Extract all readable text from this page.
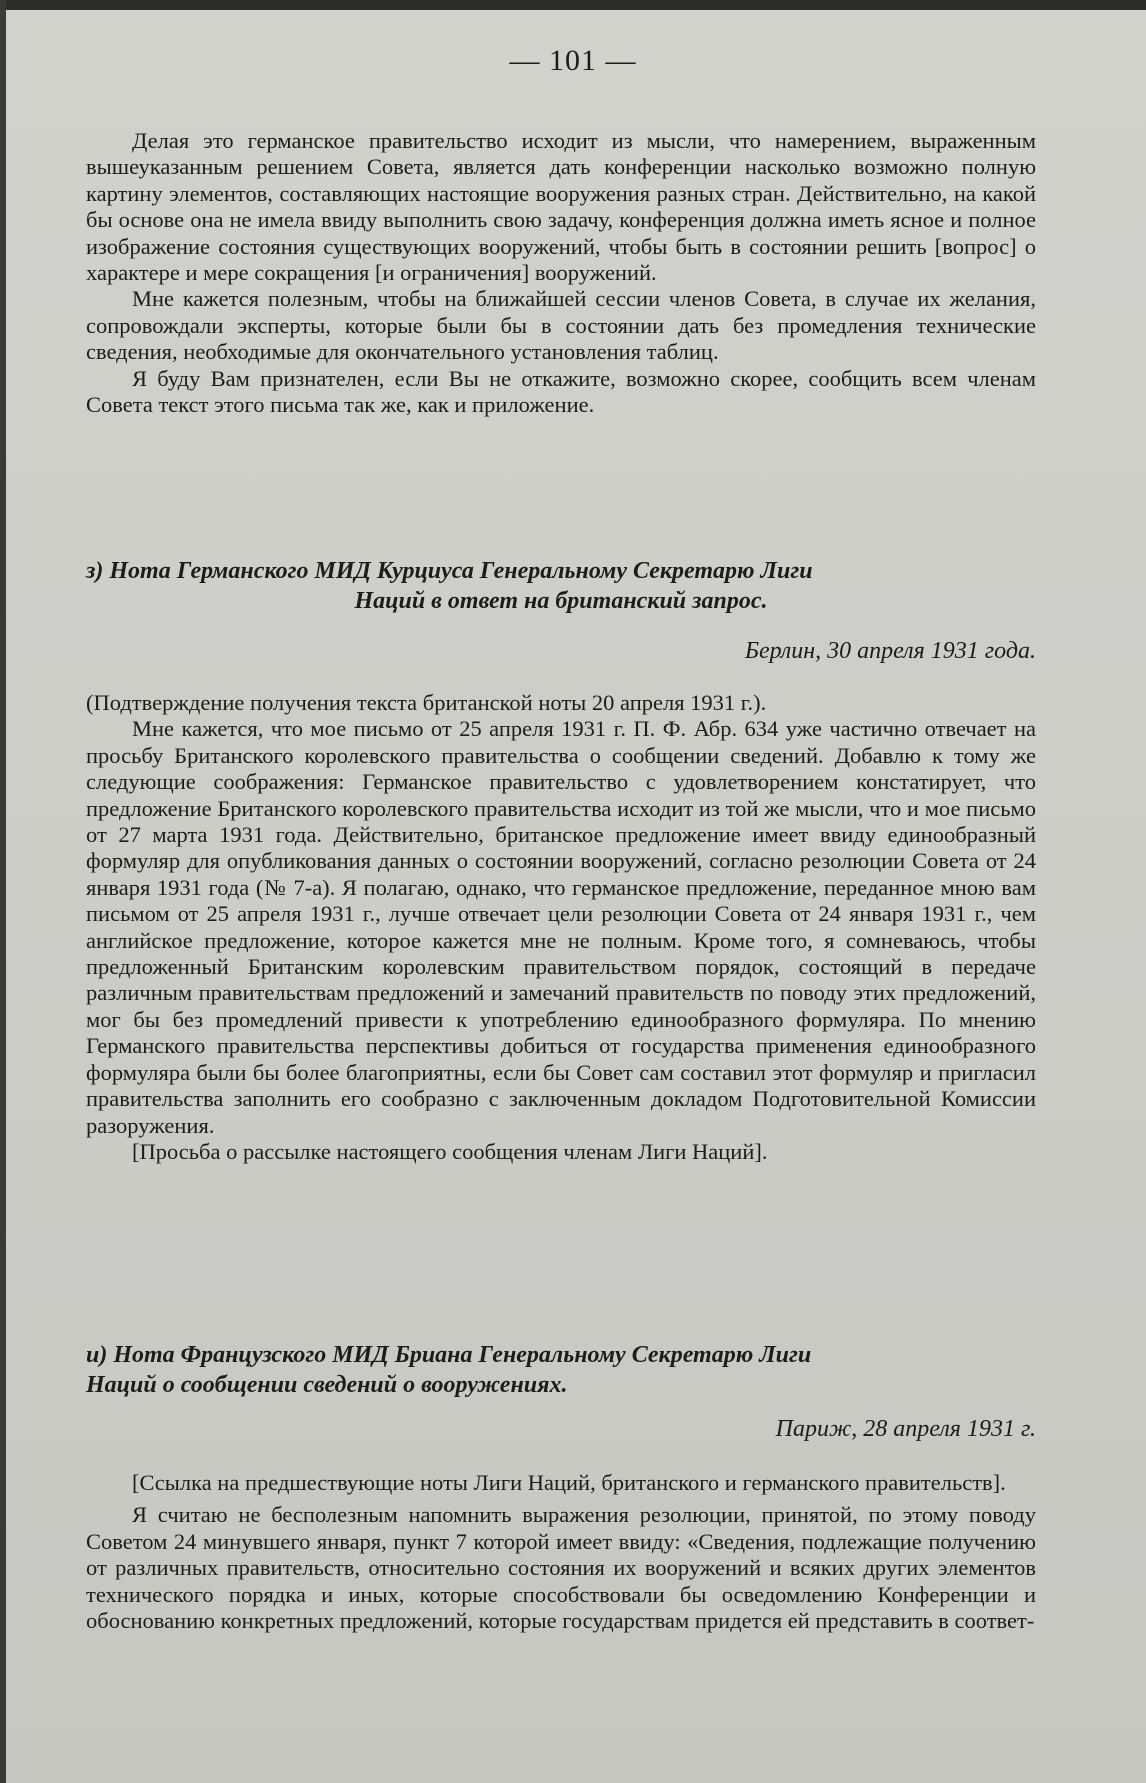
— 101 —

Делая это германское правительство исходит из мысли, что намерением, выраженным вышеуказанным решением Совета, является дать конференции насколько возможно полную картину элементов, составляющих настоящие вооружения разных стран. Действительно, на какой бы основе она не имела ввиду выполнить свою задачу, конференция должна иметь ясное и полное изображение состояния существующих вооружений, чтобы быть в состоянии решить [вопрос] о характере и мере сокращения [и ограничения] вооружений.

Мне кажется полезным, чтобы на ближайшей сессии членов Совета, в случае их желания, сопровождали эксперты, которые были бы в состоянии дать без промедления технические сведения, необходимые для окончательного установления таблиц.

Я буду Вам признателен, если Вы не откажите, возможно скорее, сообщить всем членам Совета текст этого письма так же, как и приложение.

з) Нота Германского МИД Курциуса Генеральному Секретарю Лиги

Наций в ответ на британский запрос.

Берлин, 30 апреля 1931 года.

(Подтверждение получения текста британской ноты 20 апреля 1931 г.).

Мне кажется, что мое письмо от 25 апреля 1931 г. П. Ф. Абр. 634 уже частично отвечает на просьбу Британского королевского правительства о сообщении сведений. Добавлю к тому же следующие соображения: Германское правительство с удовлетворением констатирует, что предложение Британского королевского правительства исходит из той же мысли, что и мое письмо от 27 марта 1931 года. Действительно, британское предложение имеет ввиду единообразный формуляр для опубликования данных о состоянии вооружений, согласно резолюции Совета от 24 января 1931 года (№ 7-а). Я полагаю, однако, что германское предложение, переданное мною вам письмом от 25 апреля 1931 г., лучше отвечает цели резолюции Совета от 24 января 1931 г., чем английское предложение, которое кажется мне не полным. Кроме того, я сомневаюсь, чтобы предложенный Британским королевским правительством порядок, состоящий в передаче различным правительствам предложений и замечаний правительств по поводу этих предложений, мог бы без промедлений привести к употреблению единообразного формуляра. По мнению Германского правительства перспективы добиться от государства применения единообразного формуляра были бы более благоприятны, если бы Совет сам составил этот формуляр и пригласил правительства заполнить его сообразно с заключенным докладом Подготовительной Комиссии разоружения.

[Просьба о рассылке настоящего сообщения членам Лиги Наций].

и) Нота Французского МИД Бриана Генеральному Секретарю Лиги

Наций о сообщении сведений о вооружениях.

Париж, 28 апреля 1931 г.

[Ссылка на предшествующие ноты Лиги Наций, британского и германского правительств].

Я считаю не бесполезным напомнить выражения резолюции, принятой, по этому поводу Советом 24 минувшего января, пункт 7 которой имеет ввиду: «Сведения, подлежащие получению от различных правительств, относительно состояния их вооружений и всяких других элементов технического порядка и иных, которые способствовали бы осведомлению Конференции и обоснованию конкретных предложений, которые государствам придется ей представить в соответ-
